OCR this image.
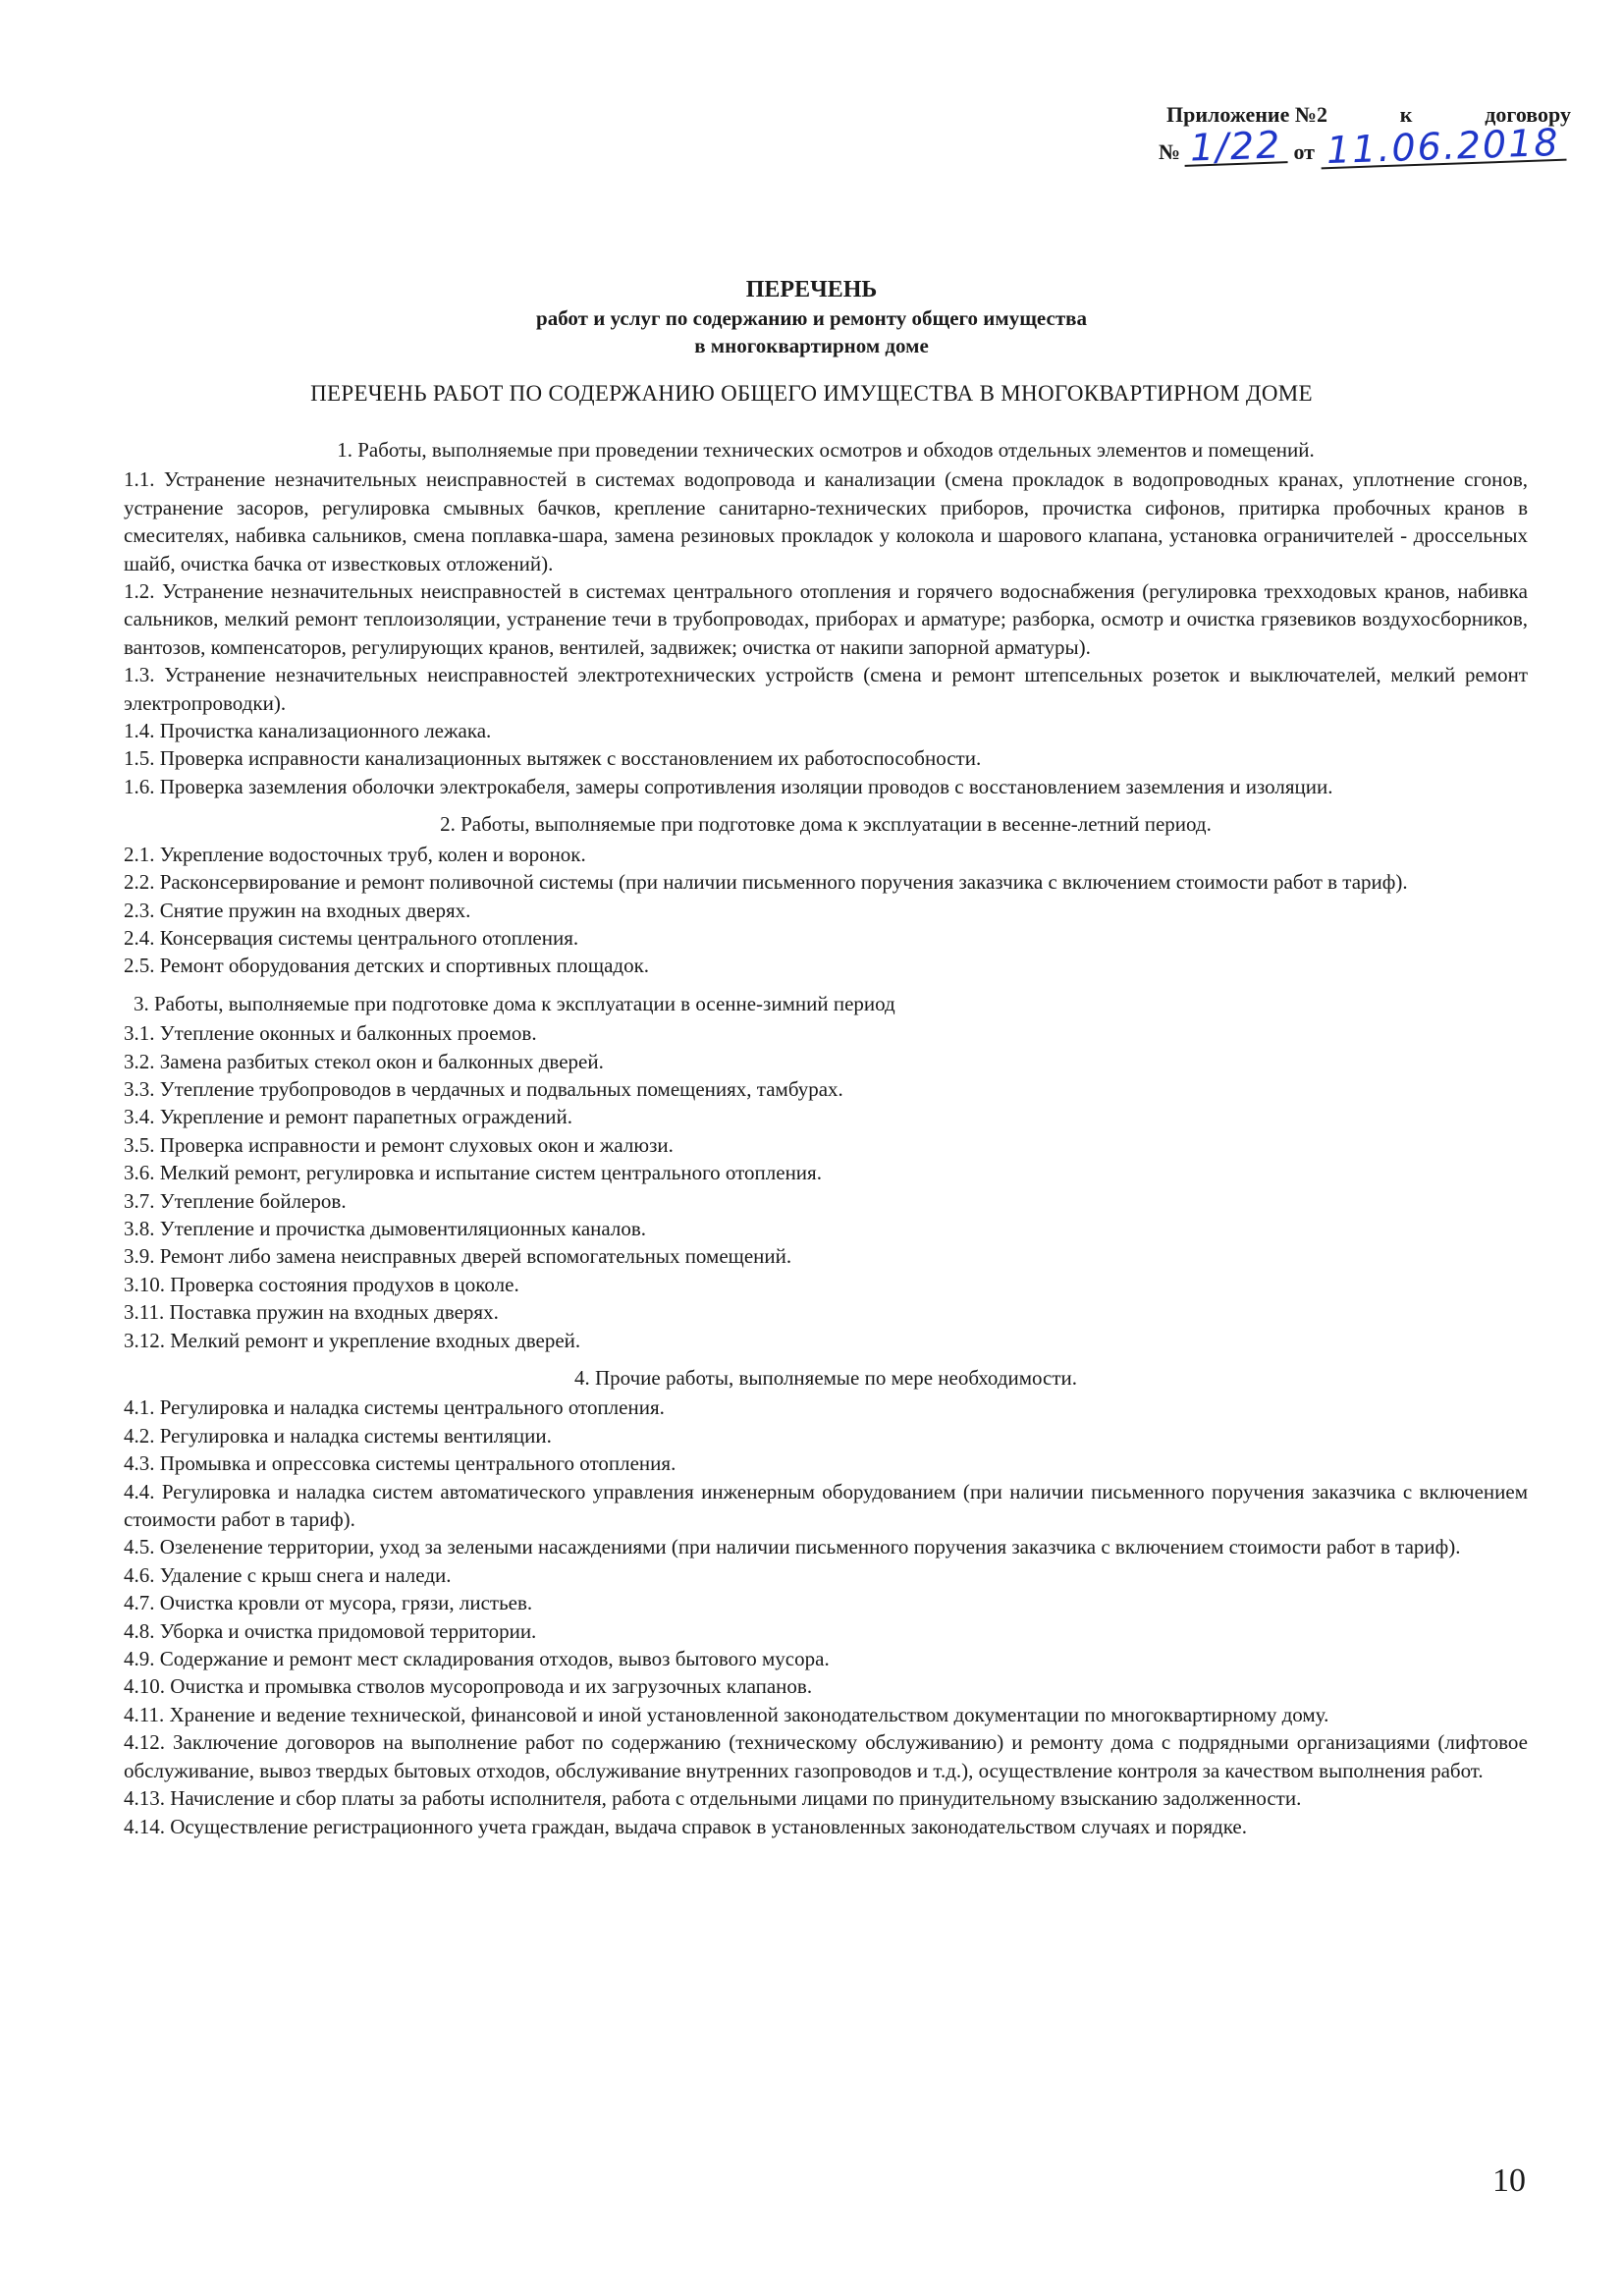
Приложение №2	к	договору
№ 1/22 от 11.06.2018
ПЕРЕЧЕНЬ
работ и услуг по содержанию и ремонту общего имущества
в многоквартирном доме
ПЕРЕЧЕНЬ РАБОТ ПО СОДЕРЖАНИЮ ОБЩЕГО ИМУЩЕСТВА В МНОГОКВАРТИРНОМ ДОМЕ
1. Работы, выполняемые при проведении технических осмотров и обходов отдельных элементов и помещений.

1.1. Устранение незначительных неисправностей в системах водопровода и канализации (смена прокладок в водопроводных кранах, уплотнение сгонов, устранение засоров, регулировка смывных бачков, крепление санитарно-технических приборов, прочистка сифонов, притирка пробочных кранов в смесителях, набивка сальников, смена поплавка-шара, замена резиновых прокладок у колокола и шарового клапана, установка ограничителей - дроссельных шайб, очистка бачка от известковых отложений).

1.2. Устранение незначительных неисправностей в системах центрального отопления и горячего водоснабжения (регулировка трехходовых кранов, набивка сальников, мелкий ремонт теплоизоляции, устранение течи в трубопроводах, приборах и арматуре; разборка, осмотр и очистка грязевиков воздухосборников, вантозов, компенсаторов, регулирующих кранов, вентилей, задвижек; очистка от накипи запорной арматуры).

1.3. Устранение незначительных неисправностей электротехнических устройств (смена и ремонт штепсельных розеток и выключателей, мелкий ремонт электропроводки).

1.4. Прочистка канализационного лежака.

1.5. Проверка исправности канализационных вытяжек с восстановлением их работоспособности.

1.6. Проверка заземления оболочки электрокабеля, замеры сопротивления изоляции проводов с восстановлением заземления и изоляции.

2. Работы, выполняемые при подготовке дома к эксплуатации в весенне-летний период.

2.1. Укрепление водосточных труб, колен и воронок.

2.2. Расконсервирование и ремонт поливочной системы (при наличии письменного поручения заказчика с включением стоимости работ в тариф).

2.3. Снятие пружин на входных дверях.

2.4. Консервация системы центрального отопления.

2.5. Ремонт оборудования детских и спортивных площадок.

3. Работы, выполняемые при подготовке дома к эксплуатации в осенне-зимний период

3.1. Утепление оконных и балконных проемов.

3.2. Замена разбитых стекол окон и балконных дверей.

3.3. Утепление трубопроводов в чердачных и подвальных помещениях, тамбурах.

3.4. Укрепление и ремонт парапетных ограждений.

3.5. Проверка исправности и ремонт слуховых окон и жалюзи.

3.6. Мелкий ремонт, регулировка и испытание систем центрального отопления.

3.7. Утепление бойлеров.

3.8. Утепление и прочистка дымовентиляционных каналов.

3.9. Ремонт либо замена неисправных дверей вспомогательных помещений.

3.10. Проверка состояния продухов в цоколе.

3.11. Поставка пружин на входных дверях.

3.12. Мелкий ремонт и укрепление входных дверей.

4. Прочие работы, выполняемые по мере необходимости.

4.1. Регулировка и наладка системы центрального отопления.

4.2. Регулировка и наладка системы вентиляции.

4.3. Промывка и опрессовка системы центрального отопления.

4.4. Регулировка и наладка систем автоматического управления инженерным оборудованием (при наличии письменного поручения заказчика с включением стоимости работ в тариф).

4.5. Озеленение территории, уход за зелеными насаждениями (при наличии письменного поручения заказчика с включением стоимости работ в тариф).

4.6. Удаление с крыш снега и наледи.

4.7. Очистка кровли от мусора, грязи, листьев.

4.8. Уборка и очистка придомовой территории.

4.9. Содержание и ремонт мест складирования отходов, вывоз бытового мусора.

4.10. Очистка и промывка стволов мусоропровода и их загрузочных клапанов.

4.11. Хранение и ведение технической, финансовой и иной установленной законодательством документации по многоквартирному дому.

4.12. Заключение договоров на выполнение работ по содержанию (техническому обслуживанию) и ремонту дома с подрядными организациями (лифтовое обслуживание, вывоз твердых бытовых отходов, обслуживание внутренних газопроводов и т.д.), осуществление контроля за качеством выполнения работ.

4.13. Начисление и сбор платы за работы исполнителя, работа с отдельными лицами по принудительному взысканию задолженности.

4.14. Осуществление регистрационного учета граждан, выдача справок в установленных законодательством случаях и порядке.

10
